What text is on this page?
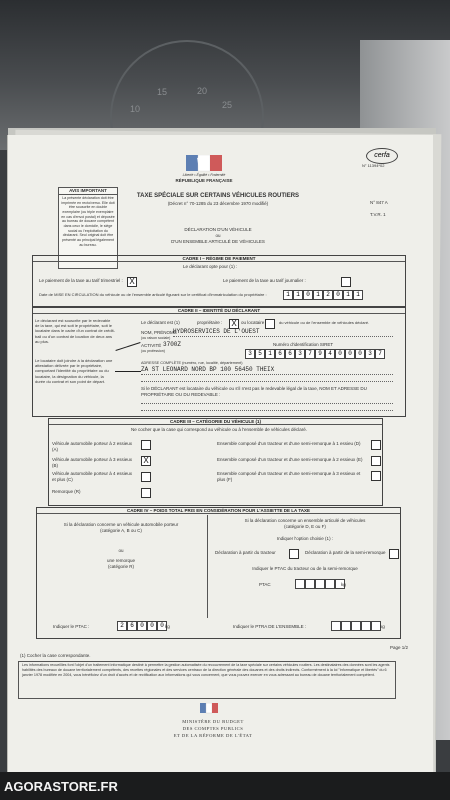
10
15	20
25
AVIS IMPORTANT
La présente déclaration doit être imprimée en recto/verso. Elle doit être souscrite en double exemplaire (ou triple exemplaire en cas d'envoi postal) et déposée au bureau de douane compétent dans ceux le domicile, le siège social ou l'exploitation du déclarant. Seul original doit être présenté au principal légalement au bureau.
Liberté • Égalité • Fraternité
RÉPUBLIQUE FRANÇAISE
cerfa
N° 11394*02
TAXE SPÉCIALE SUR CERTAINS VÉHICULES ROUTIERS
(Décret n° 70-1285 du 23 décembre 1970 modifié)	N° 847 A
T.V.R. 1
DÉCLARATION D'UN VÉHICULE
ou
D'UN ENSEMBLE ARTICULÉ DE VÉHICULES
CADRE I – RÉGIME DE PAIEMENT
Le déclarant opte pour (1) :
Le paiement de la taxe au tarif trimestriel : X	Le paiement de la taxe au tarif journalier :
Date de MISE EN CIRCULATION du véhicule ou de l'ensemble articulé figurant sur le certificat d'immatriculation du propriétaire :	1	1	0	1	2	0	1	1
CADRE II – IDENTITÉ DU DÉCLARANT
Le déclarant est souscrite par le redevable de la taxe, qui est soit le propriétaire, soit le locataire dans le cadre d'un contrat de crédit-bail ou d'un contrat de location de deux ans au plus.
Le locataire doit joindre à la déclaration une attestation délivrée par le propriétaire, comportant l'identité du propriétaire ou du locataire, la désignation du véhicule, la durée du contrat et son point de départ.
Le déclarant est (1)	propriétaire : X ou locataire	du véhicule ou de l'ensemble de véhicules déclaré.
NOM, PRÉNOMS
HYDROSERVICES DE L'OUEST
(ou raison sociale)
ACTIVITÉ 3700Z
(ou profession)
Numéro d'identification SIRET
3	5	1	6	6	3	7	9	4	0	0	0	3	7
ADRESSE COMPLÈTE (numéro, rue, localité, département)
ZA ST LEONARD NORD BP 100 56450 THEIX
Si le DÉCLARANT est locataire du véhicule ou s'il n'est pas le redevable légal de la taxe, NOM ET ADRESSE DU PROPRIÉTAIRE OU DU REDEVABLE :
CADRE III – CATÉGORIE DU VÉHICULE (1)
Ne cocher que la case qui correspond au véhicule ou à l'ensemble de véhicules déclaré.
Véhicule automobile porteur à 2 essieux (A)
Véhicule automobile porteur à 3 essieux (B)
X
Véhicule automobile porteur à 4 essieux et plus (C)
Remorque (R)
Ensemble composé d'un tracteur et d'une semi-remorque à 1 essieu (D)
Ensemble composé d'un tracteur et d'une semi-remorque à 2 essieux (E)
Ensemble composé d'un tracteur et d'une semi-remorque à 3 essieux et plus (F)
CADRE IV – POIDS TOTAL PRIS EN CONSIDÉRATION POUR L'ASSIETTE DE LA TAXE
Si la déclaration concerne un véhicule automobile porteur
(catégorie A, B ou C)
ou
une remorque
(catégorie R)
Si la déclaration concerne un ensemble articulé de véhicules
(catégorie D, E ou F)
Indiquer l'option choisie (1) :
Déclaration à partir du tracteur	Déclaration à partir de la semi-remorque
Indiquer le PTAC du tracteur ou de la semi-remorque
PTAC	kg
Indiquer le PTAC :	2	6	0	0	0 kg	Indiquer le PTRA DE L'ENSEMBLE :	kg
(1) Cocher la case correspondante.
Page 1/2
Les informations recueillies font l'objet d'un traitement informatique destiné à permettre la gestion automatisée du recouvrement de la taxe spéciale sur certains véhicules routiers. Les destinataires des données sont les agents habilités des bureaux de douane territorialement compétents, des recettes régionales et des services centraux de la direction générale des douanes et des droits indirects. Conformément à la loi "informatique et libertés" du 6 janvier 1978 modifiée en 2004, vous bénéficiez d'un droit d'accès et de rectification aux informations qui vous concernent, que vous pouvez exercer en vous adressant au bureau de douane territorialement compétent.
MINISTÈRE DU BUDGET
DES COMPTES PUBLICS
ET DE LA RÉFORME DE L'ÉTAT
AGORASTORE.FR
